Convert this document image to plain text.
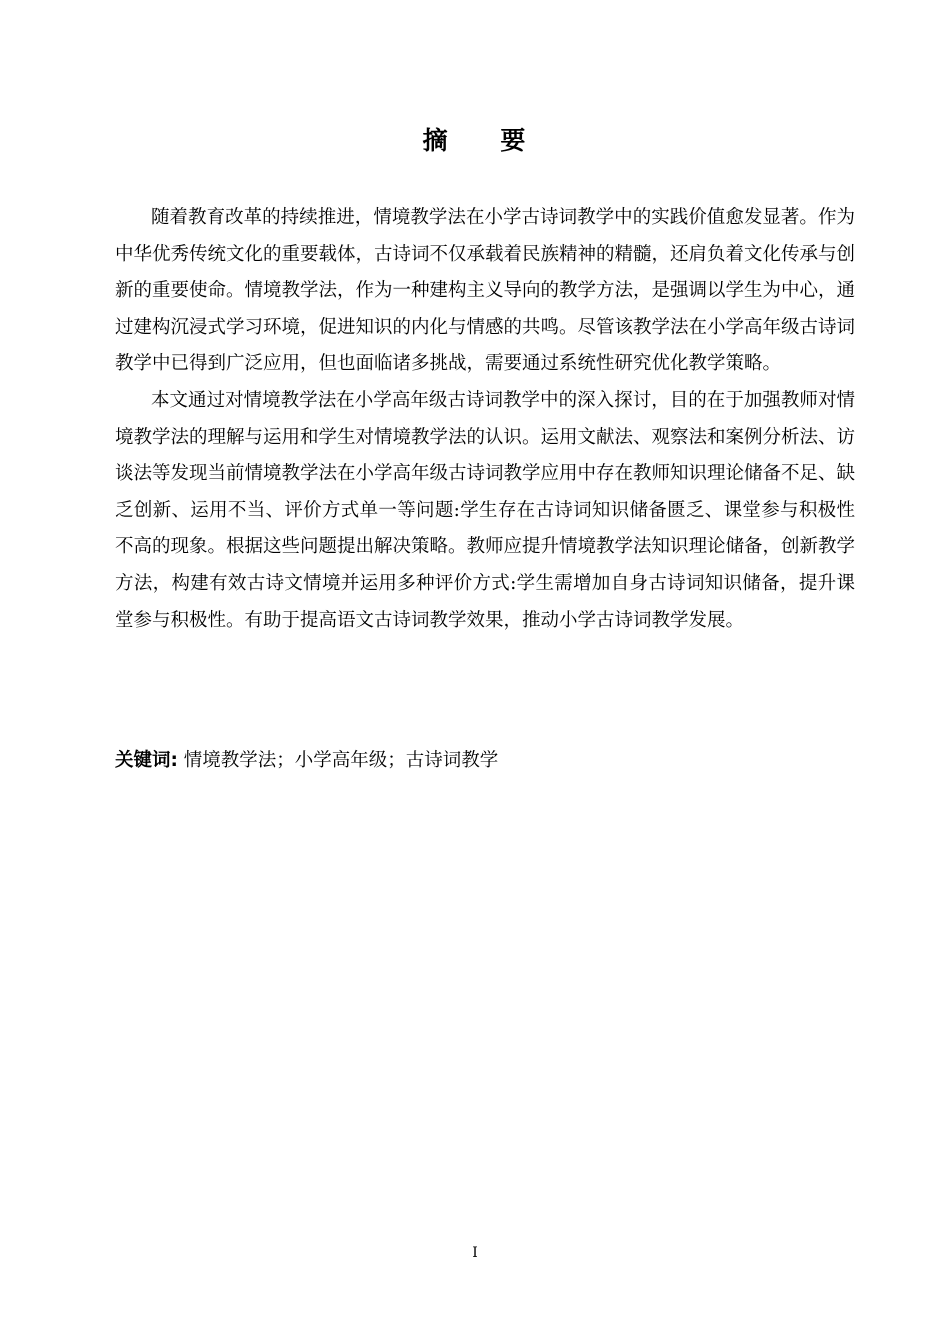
摘 要

随着教育改革的持续推进，情境教学法在小学古诗词教学中的实践价值愈发显著。作为中华优秀传统文化的重要载体，古诗词不仅承载着民族精神的精髓，还肩负着文化传承与创新的重要使命。情境教学法，作为一种建构主义导向的教学方法，是强调以学生为中心，通过建构沉浸式学习环境，促进知识的内化与情感的共鸣。尽管该教学法在小学高年级古诗词教学中已得到广泛应用，但也面临诸多挑战，需要通过系统性研究优化教学策略。

本文通过对情境教学法在小学高年级古诗词教学中的深入探讨，目的在于加强教师对情境教学法的理解与运用和学生对情境教学法的认识。运用文献法、观察法和案例分析法、访谈法等发现当前情境教学法在小学高年级古诗词教学应用中存在教师知识理论储备不足、缺乏创新、运用不当、评价方式单一等问题:学生存在古诗词知识储备匮乏、课堂参与积极性不高的现象。根据这些问题提出解决策略。教师应提升情境教学法知识理论储备，创新教学方法，构建有效古诗文情境并运用多种评价方式:学生需增加自身古诗词知识储备，提升课堂参与积极性。有助于提高语文古诗词教学效果，推动小学古诗词教学发展。

关键词: 情境教学法；小学高年级；古诗词教学
I
